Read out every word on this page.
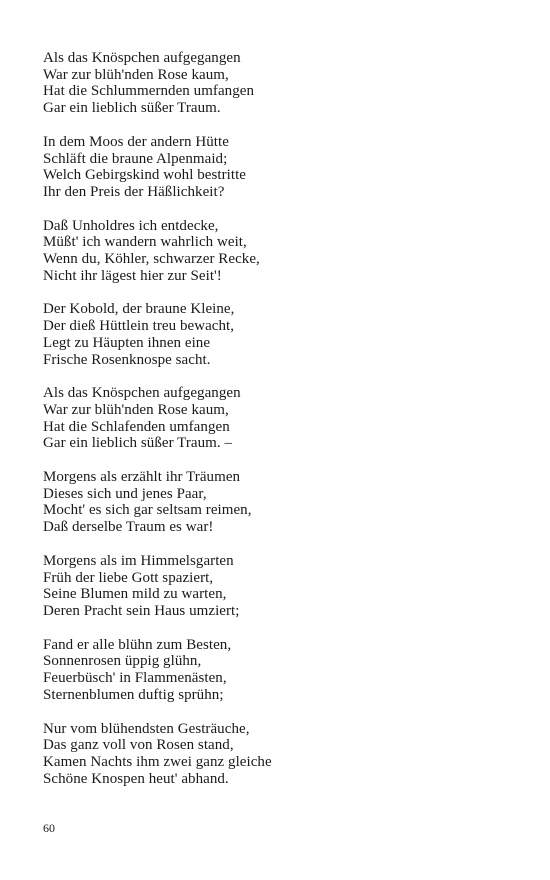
Als das Knöspchen aufgegangen
War zur blüh'nden Rose kaum,
Hat die Schlummernden umfangen
Gar ein lieblich süßer Traum.
In dem Moos der andern Hütte
Schläft die braune Alpenmaid;
Welch Gebirgskind wohl bestritte
Ihr den Preis der Häßlichkeit?
Daß Unholdres ich entdecke,
Müßt' ich wandern wahrlich weit,
Wenn du, Köhler, schwarzer Recke,
Nicht ihr lägest hier zur Seit'!
Der Kobold, der braune Kleine,
Der dieß Hüttlein treu bewacht,
Legt zu Häupten ihnen eine
Frische Rosenknospe sacht.
Als das Knöspchen aufgegangen
War zur blüh'nden Rose kaum,
Hat die Schlafenden umfangen
Gar ein lieblich süßer Traum. –
Morgens als erzählt ihr Träumen
Dieses sich und jenes Paar,
Mocht' es sich gar seltsam reimen,
Daß derselbe Traum es war!
Morgens als im Himmelsgarten
Früh der liebe Gott spaziert,
Seine Blumen mild zu warten,
Deren Pracht sein Haus umziert;
Fand er alle blühn zum Besten,
Sonnenrosen üppig glühn,
Feuerbüsch' in Flammenästen,
Sternenblumen duftig sprühn;
Nur vom blühendsten Gesträuche,
Das ganz voll von Rosen stand,
Kamen Nachts ihm zwei ganz gleiche
Schöne Knospen heut' abhand.
60
